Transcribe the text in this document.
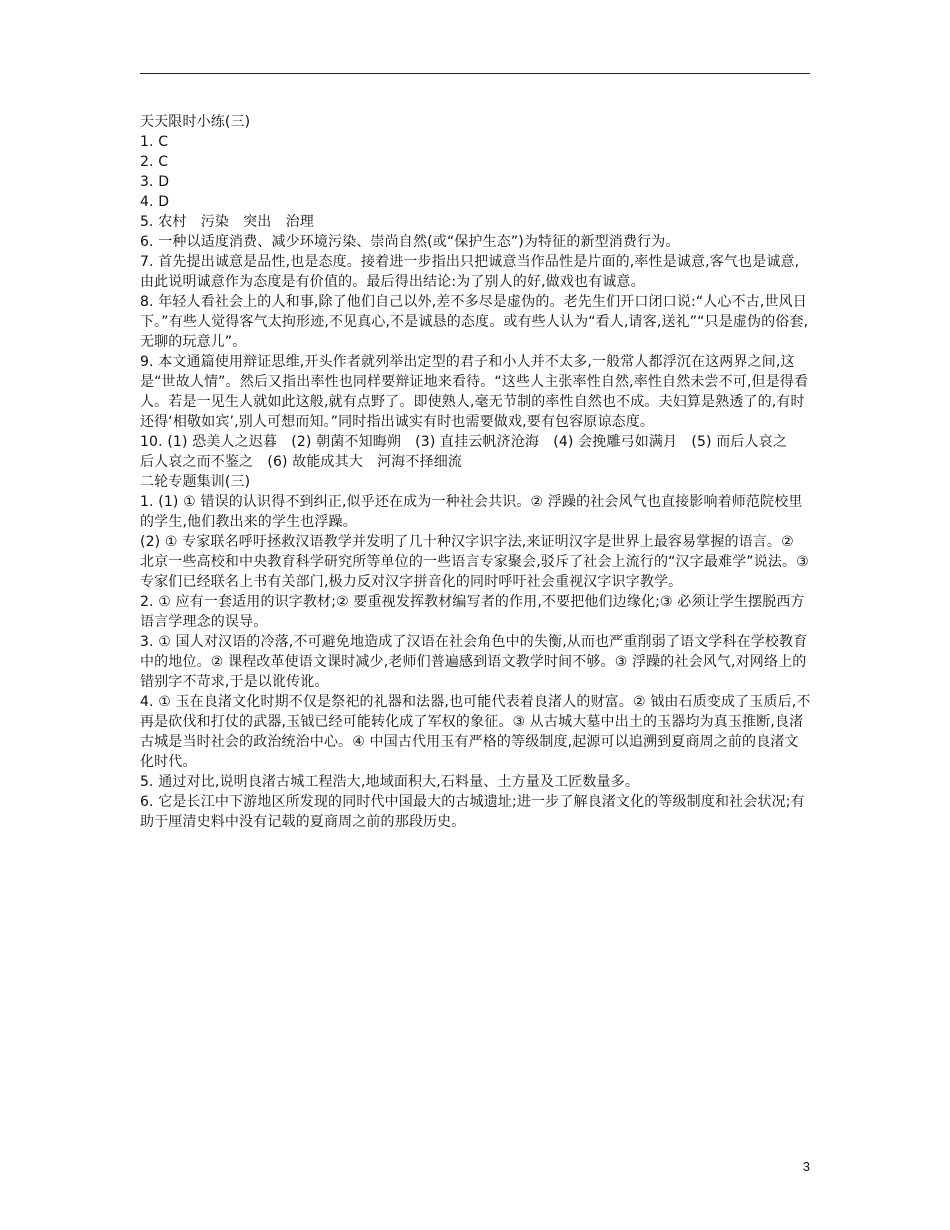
天天限时小练(三)

1. C

2. C

3. D

4. D

5. 农村　污染　突出　治理

6. 一种以适度消费、减少环境污染、崇尚自然(或“保护生态”)为特征的新型消费行为。

7. 首先提出诚意是品性,也是态度。接着进一步指出只把诚意当作品性是片面的,率性是诚意,客气也是诚意,由此说明诚意作为态度是有价值的。最后得出结论:为了别人的好,做戏也有诚意。

8. 年轻人看社会上的人和事,除了他们自己以外,差不多尽是虚伪的。老先生们开口闭口说:“人心不古,世风日下。”有些人觉得客气太拘形迹,不见真心,不是诚恳的态度。或有些人认为“看人,请客,送礼”“只是虚伪的俗套,无聊的玩意儿”。

9. 本文通篇使用辩证思维,开头作者就列举出定型的君子和小人并不太多,一般常人都浮沉在这两界之间,这是“世故人情”。然后又指出率性也同样要辩证地来看待。“这些人主张率性自然,率性自然未尝不可,但是得看人。若是一见生人就如此这般,就有点野了。即使熟人,毫无节制的率性自然也不成。夫妇算是熟透了的,有时还得‘相敬如宾’,别人可想而知。”同时指出诚实有时也需要做戏,要有包容原谅态度。

10. (1) 恐美人之迟暮　(2) 朝菌不知晦朔　(3) 直挂云帆济沧海　(4) 会挽雕弓如满月　(5) 而后人哀之　后人哀之而不鉴之　(6) 故能成其大　河海不择细流

二轮专题集训(三)

1. (1) ① 错误的认识得不到纠正,似乎还在成为一种社会共识。② 浮躁的社会风气也直接影响着师范院校里的学生,他们教出来的学生也浮躁。

(2) ① 专家联名呼吁拯救汉语教学并发明了几十种汉字识字法,来证明汉字是世界上最容易掌握的语言。② 北京一些高校和中央教育科学研究所等单位的一些语言专家聚会,驳斥了社会上流行的“汉字最难学”说法。③ 专家们已经联名上书有关部门,极力反对汉字拼音化的同时呼吁社会重视汉字识字教学。

2. ① 应有一套适用的识字教材;② 要重视发挥教材编写者的作用,不要把他们边缘化;③ 必须让学生摆脱西方语言学理念的误导。

3. ① 国人对汉语的冷落,不可避免地造成了汉语在社会角色中的失衡,从而也严重削弱了语文学科在学校教育中的地位。② 课程改革使语文课时减少,老师们普遍感到语文教学时间不够。③ 浮躁的社会风气,对网络上的错别字不苛求,于是以讹传讹。

4. ① 玉在良渚文化时期不仅是祭祀的礼器和法器,也可能代表着良渚人的财富。② 钺由石质变成了玉质后,不再是砍伐和打仗的武器,玉钺已经可能转化成了军权的象征。③ 从古城大墓中出土的玉器均为真玉推断,良渚古城是当时社会的政治统治中心。④ 中国古代用玉有严格的等级制度,起源可以追溯到夏商周之前的良渚文化时代。

5. 通过对比,说明良渚古城工程浩大,地域面积大,石料量、土方量及工匠数量多。

6. 它是长江中下游地区所发现的同时代中国最大的古城遗址;进一步了解良渚文化的等级制度和社会状况;有助于厘清史料中没有记载的夏商周之前的那段历史。

3
